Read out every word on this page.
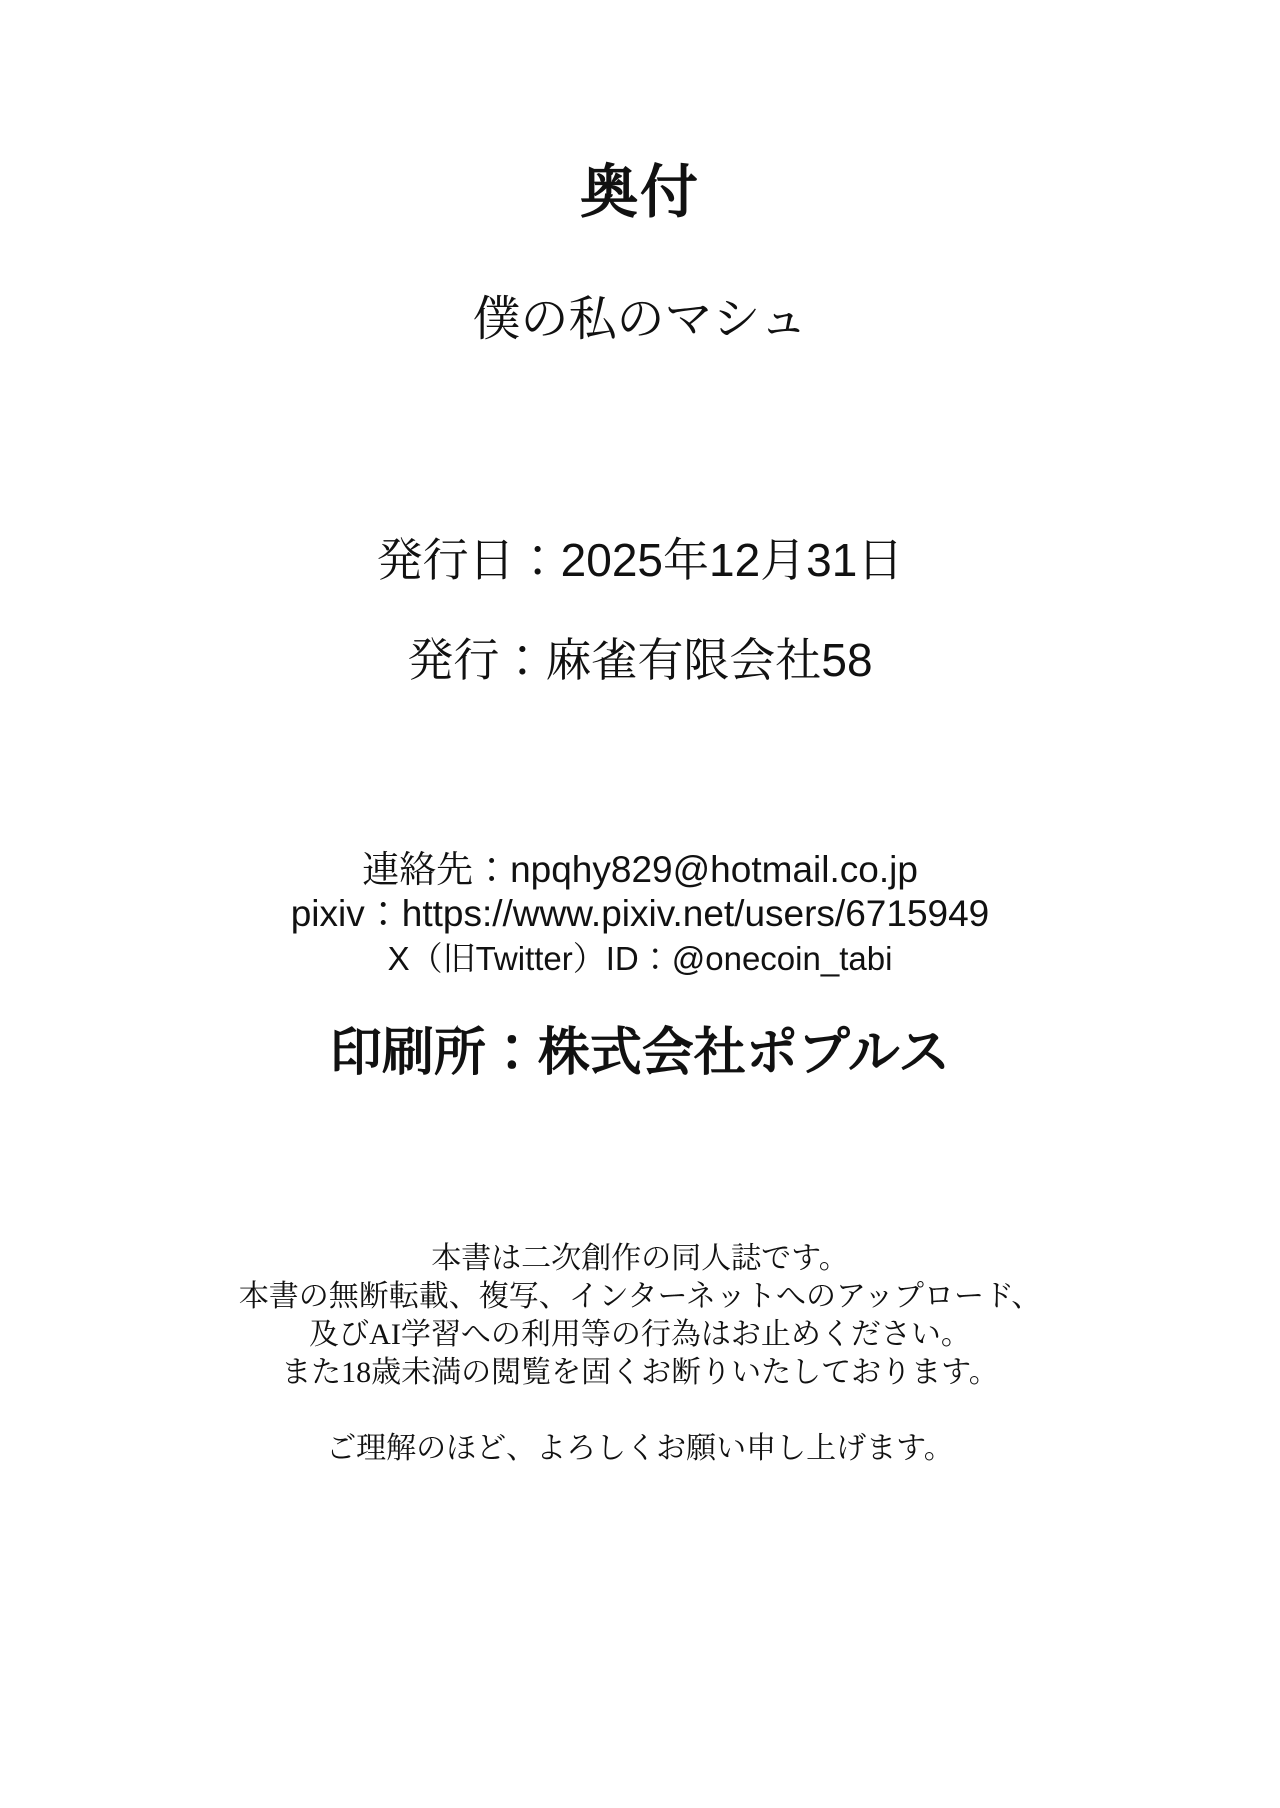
奥付
僕の私のマシュ
発行日：2025年12月31日
発行：麻雀有限会社58
連絡先：npqhy829@hotmail.co.jp
pixiv：https://www.pixiv.net/users/6715949
X（旧Twitter）ID：@onecoin_tabi
印刷所：株式会社ポプルス
本書は二次創作の同人誌です。
本書の無断転載、複写、インターネットへのアップロード、
及びAI学習への利用等の行為はお止めください。
また18歳未満の閲覧を固くお断りいたしております。
ご理解のほど、よろしくお願い申し上げます。
